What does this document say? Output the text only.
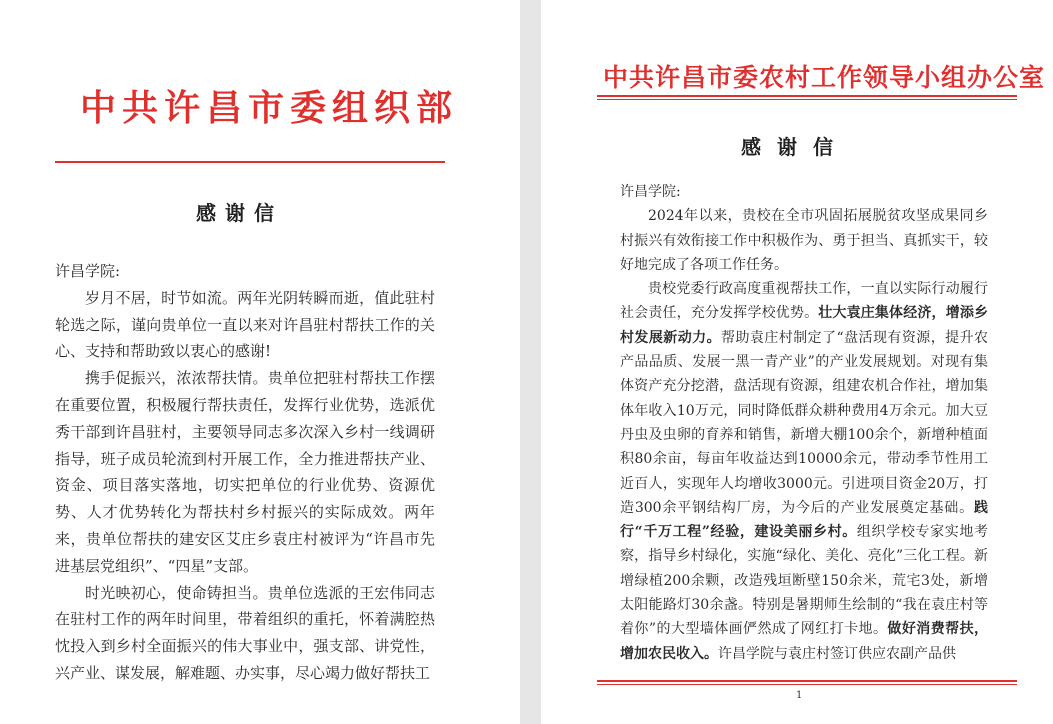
中共许昌市委组织部
感谢信

许昌学院:

岁月不居，时节如流。两年光阴转瞬而逝，值此驻村轮选之际，谨向贵单位一直以来对许昌驻村帮扶工作的关心、支持和帮助致以衷心的感谢!

携手促振兴，浓浓帮扶情。贵单位把驻村帮扶工作摆在重要位置，积极履行帮扶责任，发挥行业优势，选派优秀干部到许昌驻村，主要领导同志多次深入乡村一线调研指导，班子成员轮流到村开展工作，全力推进帮扶产业、资金、项目落实落地，切实把单位的行业优势、资源优势、人才优势转化为帮扶村乡村振兴的实际成效。两年来，贵单位帮扶的建安区艾庄乡袁庄村被评为“许昌市先进基层党组织”、“四星”支部。

时光映初心，使命铸担当。贵单位选派的王宏伟同志在驻村工作的两年时间里，带着组织的重托，怀着满腔热忱投入到乡村全面振兴的伟大事业中，强支部、讲党性，兴产业、谋发展，解难题、办实事，尽心竭力做好帮扶工

中共许昌市委农村工作领导小组办公室
感谢信

许昌学院:

2024年以来，贵校在全市巩固拓展脱贫攻坚成果同乡村振兴有效衔接工作中积极作为、勇于担当、真抓实干，较好地完成了各项工作任务。

贵校党委行政高度重视帮扶工作，一直以实际行动履行社会责任，充分发挥学校优势。壮大袁庄集体经济，增添乡村发展新动力。帮助袁庄村制定了“盘活现有资源，提升农产品品质、发展一黑一青产业”的产业发展规划。对现有集体资产充分挖潜，盘活现有资源，组建农机合作社，增加集体年收入10万元，同时降低群众耕种费用4万余元。加大豆丹虫及虫卵的育养和销售，新增大棚100余个，新增种植面积80余亩，每亩年收益达到10000余元，带动季节性用工近百人，实现年人均增收3000元。引进项目资金20万，打造300余平钢结构厂房，为今后的产业发展奠定基础。践行“千万工程”经验，建设美丽乡村。组织学校专家实地考察，指导乡村绿化，实施“绿化、美化、亮化”三化工程。新增绿植200余颗，改造残垣断壁150余米，荒宅3处，新增太阳能路灯30余盏。特别是暑期师生绘制的“我在袁庄村等着你”的大型墙体画俨然成了网红打卡地。做好消费帮扶，增加农民收入。许昌学院与袁庄村签订供应农副产品供

1
